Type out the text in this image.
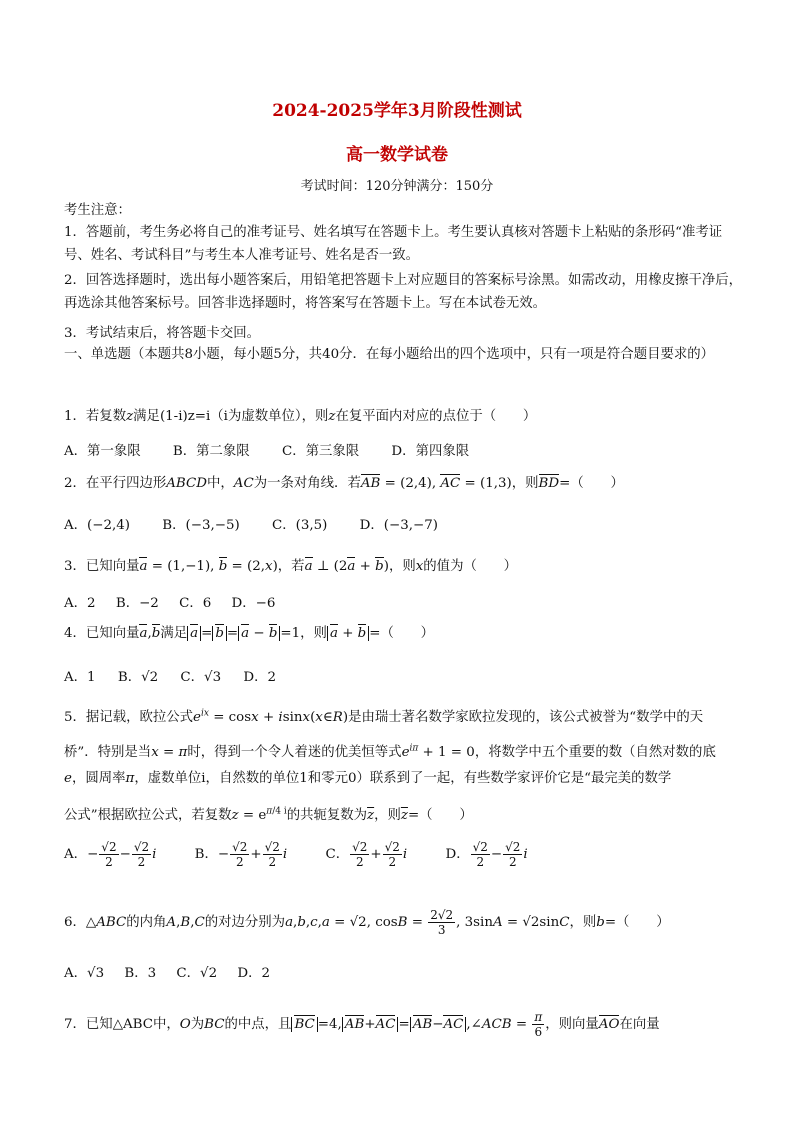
2024-2025学年3月阶段性测试
高一数学试卷
考试时间：120分钟满分：150分
考生注意：
1．答题前，考生务必将自己的准考证号、姓名填写在答题卡上。考生要认真核对答题卡上粘贴的条形码“准考证号、姓名、考试科目”与考生本人准考证号、姓名是否一致。
2．回答选择题时，选出每小题答案后，用铅笔把答题卡上对应题目的答案标号涂黑。如需改动，用橡皮擦干净后，再选涂其他答案标号。回答非选择题时，将答案写在答题卡上。写在本试卷无效。
3．考试结束后，将答题卡交回。
一、单选题（本题共8小题，每小题5分，共40分．在每小题给出的四个选项中，只有一项是符合题目要求的）
1．若复数z满足(1-i)z=i（i为虚数单位），则z在复平面内对应的点位于（　　）
A．第一象限 B．第二象限 C．第三象限 D．第四象限
2．在平行四边形ABCD中，AC为一条对角线．若AB = (2,4), AC = (1,3)，则BD=（　　）
A．(−2,4) B．(−3,−5) C．(3,5) D．(−3,−7)
3．已知向量a = (1,−1), b = (2,x)，若a ⊥ (2a + b)，则x的值为（　　）
A．2 B．−2 C．6 D．−6
4．已知向量a,b满足 a = b = a − b =1，则 a + b =（　　）
A．1 B．√2 C．√3 D．2
5．据记载，欧拉公式$e^{ix} = \cos x$ + isinx(x∈R)是由瑞士著名数学家欧拉发现的，该公式被誉为“数学中的天
桥”．特别是当x = π时，得到一个令人着迷的优美恒等式$e^{i\pi} + 1 = 0$，将数学中五个重要的数（自然对数的底
e，圆周率π，虚数单位i，自然数的单位1和零元0）联系到了一起，有些数学家评价它是“最完美的数学
公式”根据欧拉公式，若复数$z = e^{\pi/4 i}$的共轭复数为$\overline{z}$，则$\overline{z}=$（　　）
A．− $\frac{√2}{2} - \frac{√2}{2}$ i	B．− $\frac{√2}{2} + \frac{√2}{2}$ i	C． $\frac{√2}{2} + \frac{√2}{2}$ i	D． $\frac{√2}{2} - \frac{√2}{2}$ i
6．△ABC的内角A,B,C的对边分别为a,b,c,a = √2, $\cos B = \frac{2√2}{3}$ , 3sinA = √2sinC，则b=（　　）
A．√3 B．3 C．√2 D．2
7．已知△ABC中，O为BC的中点，且 BC =4, AB+AC = AB−AC ,∠ACB = $\frac{\pi}{6}$ ，则向量AO在向量
